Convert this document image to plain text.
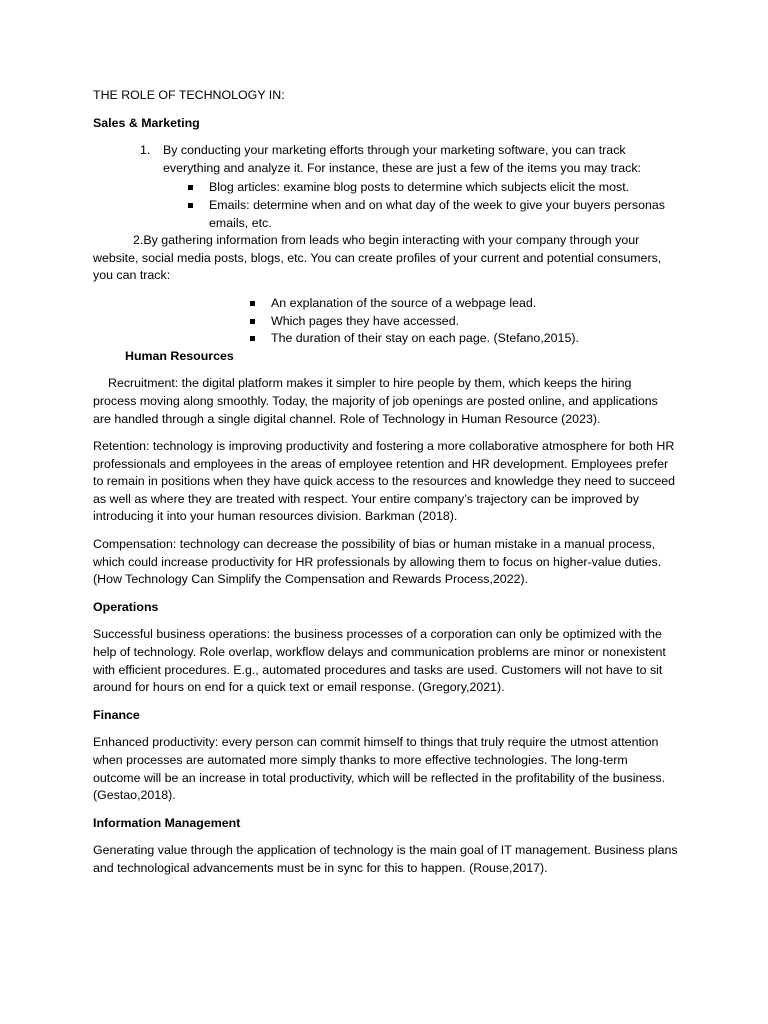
THE ROLE OF TECHNOLOGY IN:

Sales & Marketing

1. By conducting your marketing efforts through your marketing software, you can track everything and analyze it. For instance, these are just a few of the items you may track:
Blog articles: examine blog posts to determine which subjects elicit the most.
Emails: determine when and on what day of the week to give your buyers personas emails, etc.

2.By gathering information from leads who begin interacting with your company through your website, social media posts, blogs, etc. You can create profiles of your current and potential consumers, you can track:

An explanation of the source of a webpage lead.
Which pages they have accessed.
The duration of their stay on each page. (Stefano,2015).

Human Resources

Recruitment: the digital platform makes it simpler to hire people by them, which keeps the hiring process moving along smoothly. Today, the majority of job openings are posted online, and applications are handled through a single digital channel. Role of Technology in Human Resource (2023).

Retention: technology is improving productivity and fostering a more collaborative atmosphere for both HR professionals and employees in the areas of employee retention and HR development. Employees prefer to remain in positions when they have quick access to the resources and knowledge they need to succeed as well as where they are treated with respect. Your entire company’s trajectory can be improved by introducing it into your human resources division. Barkman (2018).

Compensation: technology can decrease the possibility of bias or human mistake in a manual process, which could increase productivity for HR professionals by allowing them to focus on higher-value duties. (How Technology Can Simplify the Compensation and Rewards Process,2022).

Operations

Successful business operations: the business processes of a corporation can only be optimized with the help of technology. Role overlap, workflow delays and communication problems are minor or nonexistent with efficient procedures. E.g., automated procedures and tasks are used. Customers will not have to sit around for hours on end for a quick text or email response. (Gregory,2021).

Finance

Enhanced productivity: every person can commit himself to things that truly require the utmost attention when processes are automated more simply thanks to more effective technologies. The long-term outcome will be an increase in total productivity, which will be reflected in the profitability of the business. (Gestao,2018).

Information Management

Generating value through the application of technology is the main goal of IT management. Business plans and technological advancements must be in sync for this to happen. (Rouse,2017).
